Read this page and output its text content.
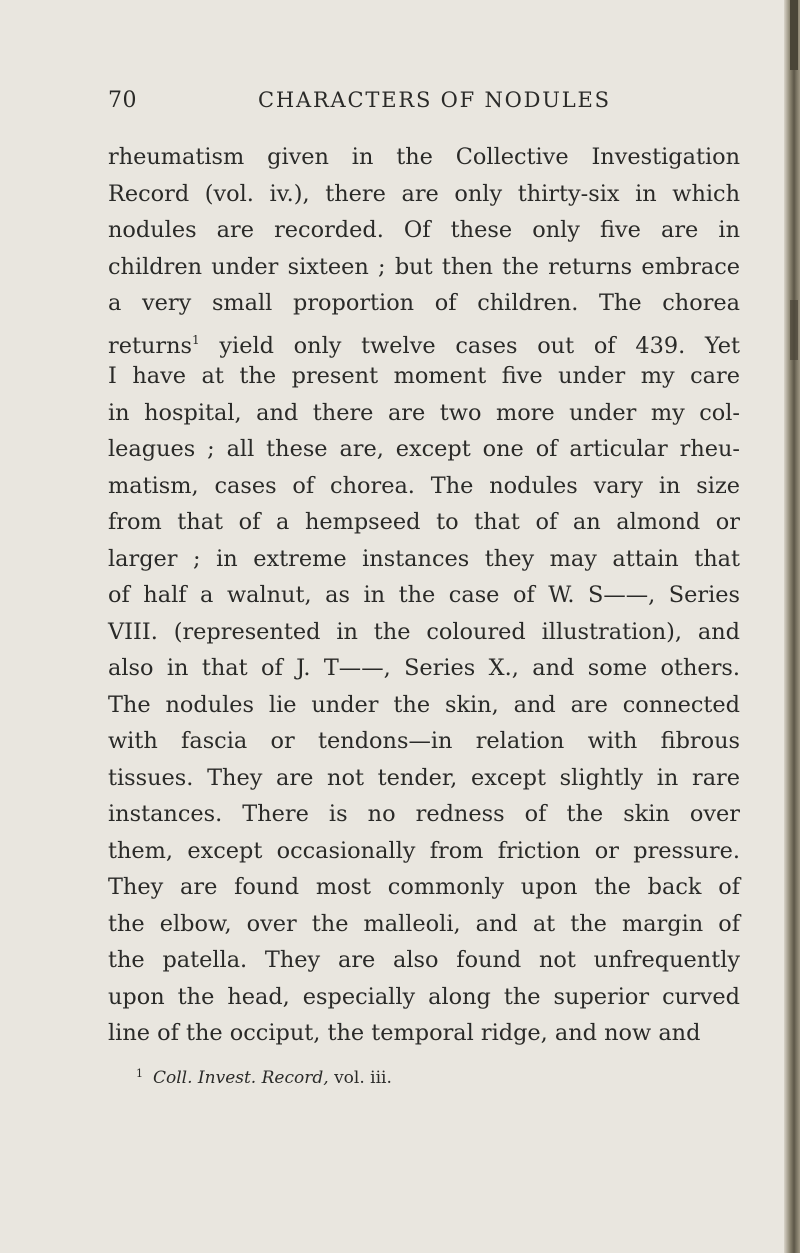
70	CHARACTERS OF NODULES
rheumatism given in the Collective Investigation
Record (vol. iv.), there are only thirty-six in which
nodules are recorded. Of these only five are in
children under sixteen ; but then the returns embrace
a very small proportion of children. The chorea
returns$^1$ yield only twelve cases out of 439. Yet
I have at the present moment five under my care
in hospital, and there are two more under my col-
leagues ; all these are, except one of articular rheu-
matism, cases of chorea. The nodules vary in size
from that of a hempseed to that of an almond or
larger ; in extreme instances they may attain that
of half a walnut, as in the case of W. S——, Series
VIII. (represented in the coloured illustration), and
also in that of J. T——, Series X., and some others.
The nodules lie under the skin, and are connected
with fascia or tendons—in relation with fibrous
tissues. They are not tender, except slightly in rare
instances. There is no redness of the skin over
them, except occasionally from friction or pressure.
They are found most commonly upon the back of
the elbow, over the malleoli, and at the margin of
the patella. They are also found not unfrequently
upon the head, especially along the superior curved
line of the occiput, the temporal ridge, and now and
$^1$ Coll. Invest. Record, vol. iii.
